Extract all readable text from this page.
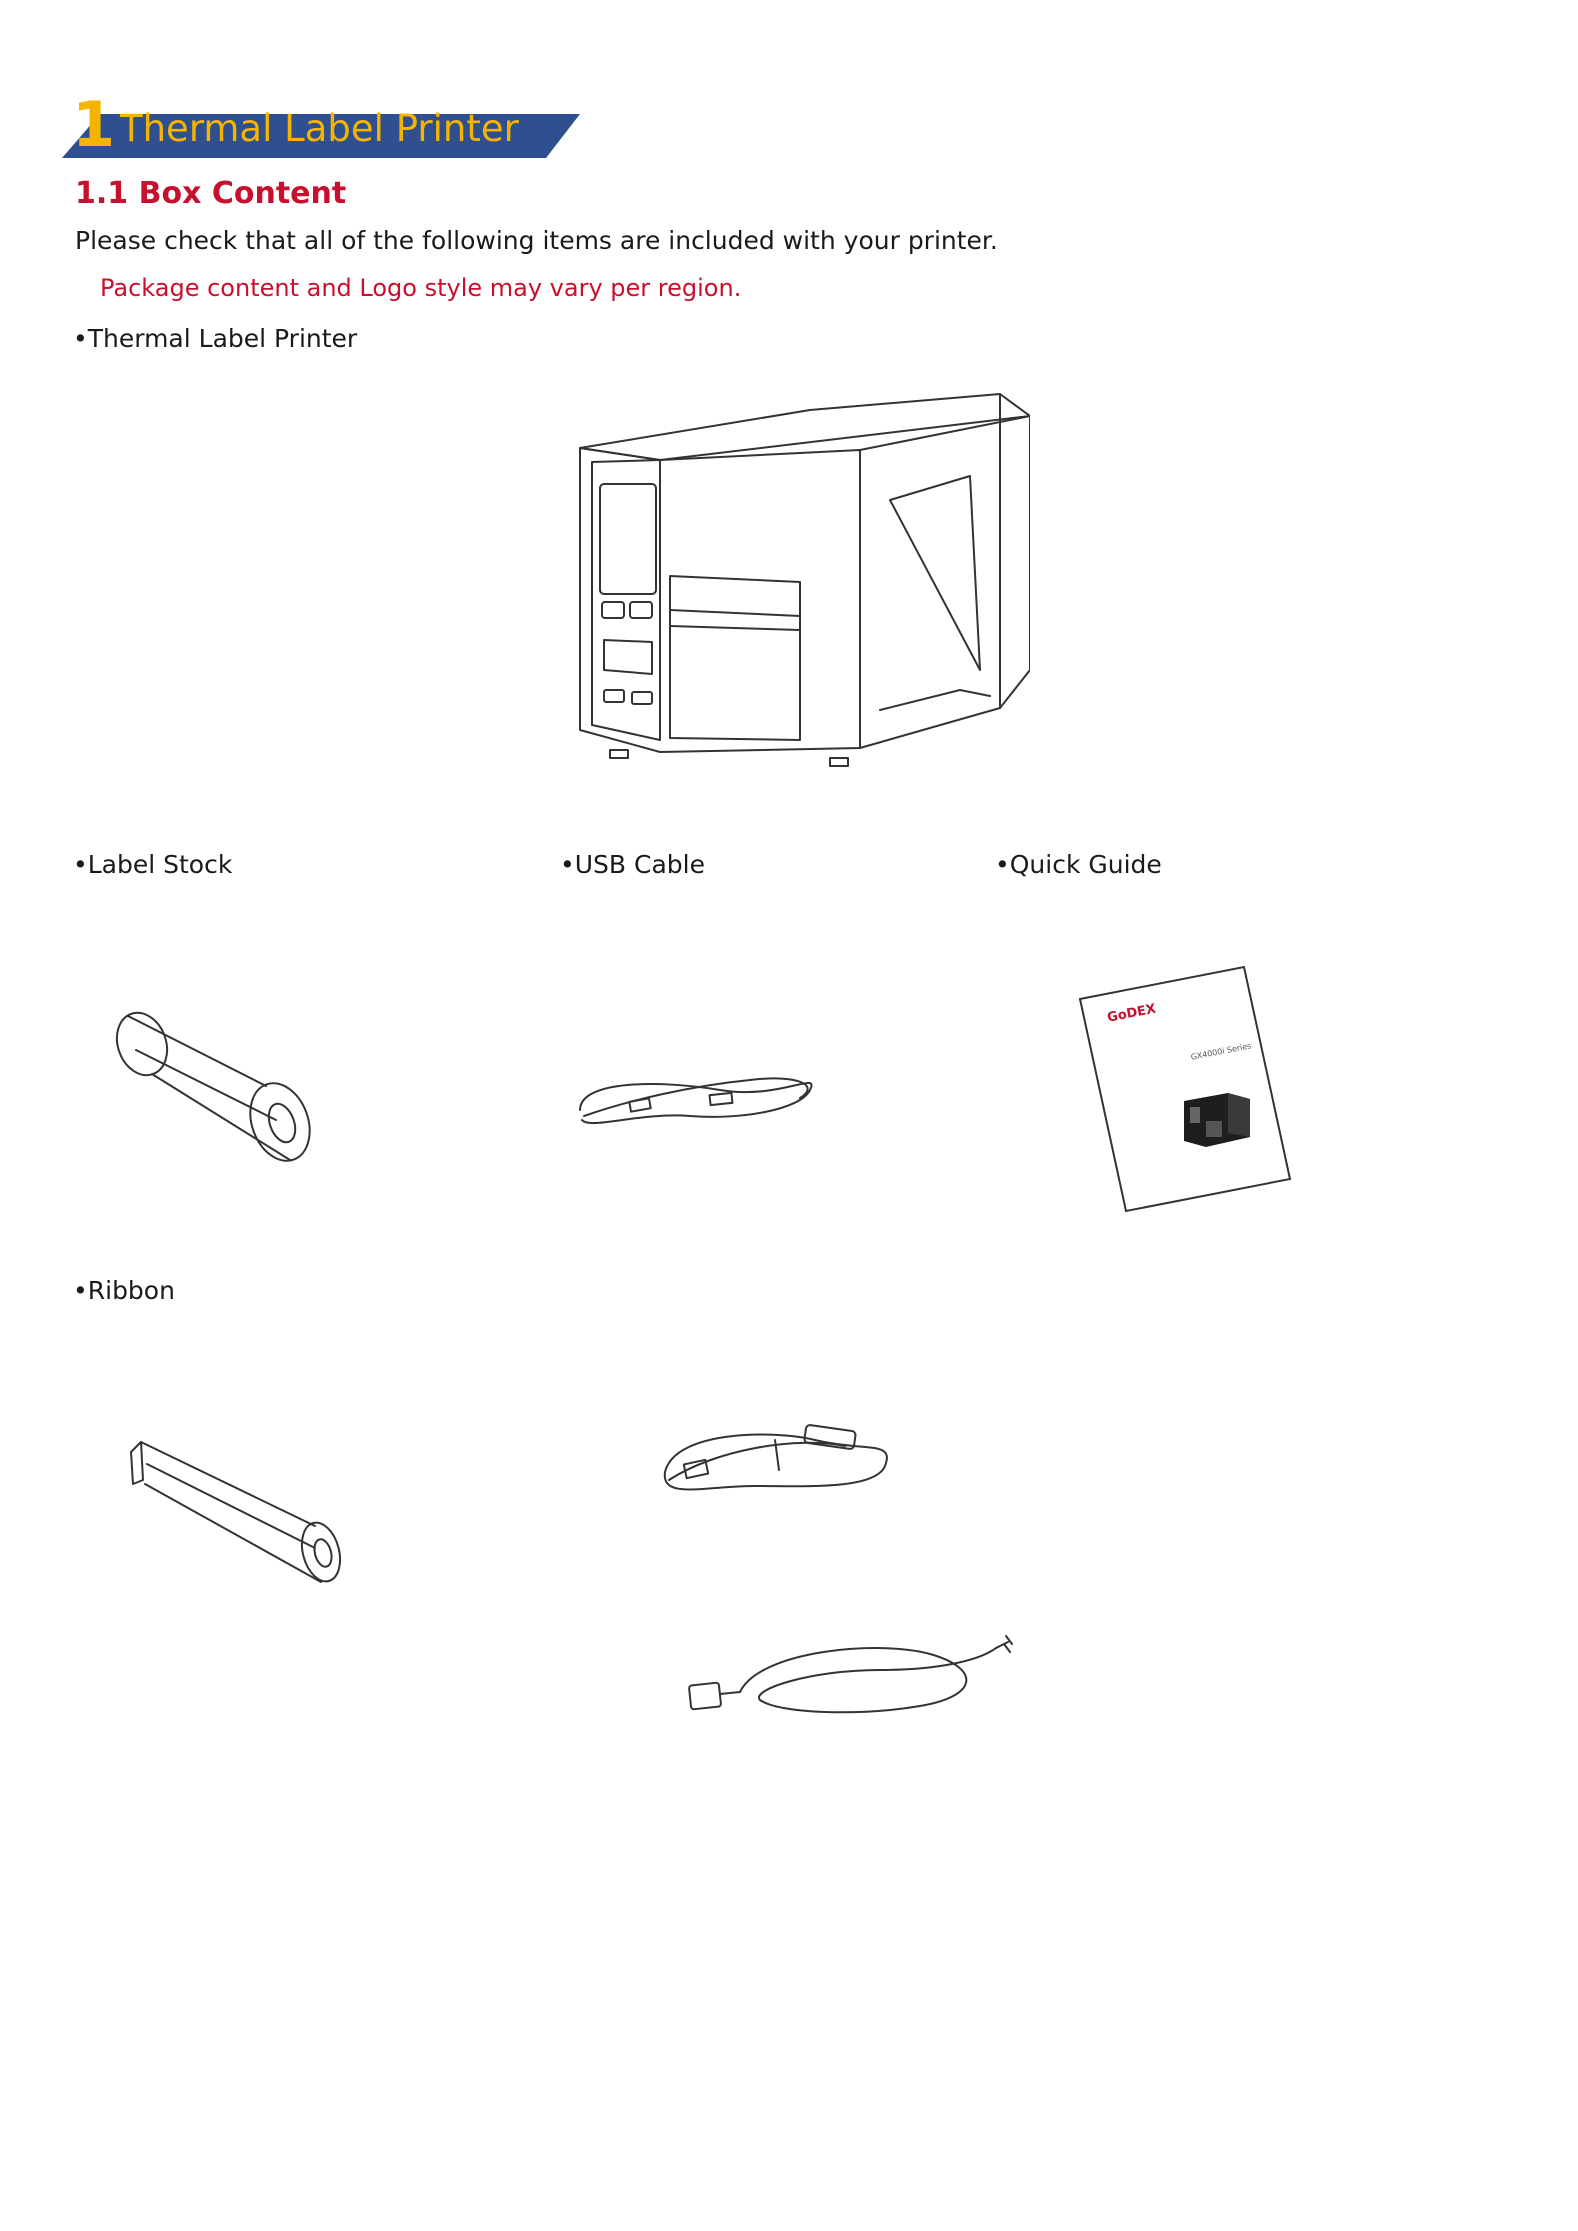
1 Thermal Label Printer
1.1 Box Content
Please check that all of the following items are included with your printer.
Package content and Logo style may vary per region.
•Thermal Label Printer
•Label Stock	•USB Cable	•Quick Guide
GoDEX
GX4000i Series
•Ribbon
